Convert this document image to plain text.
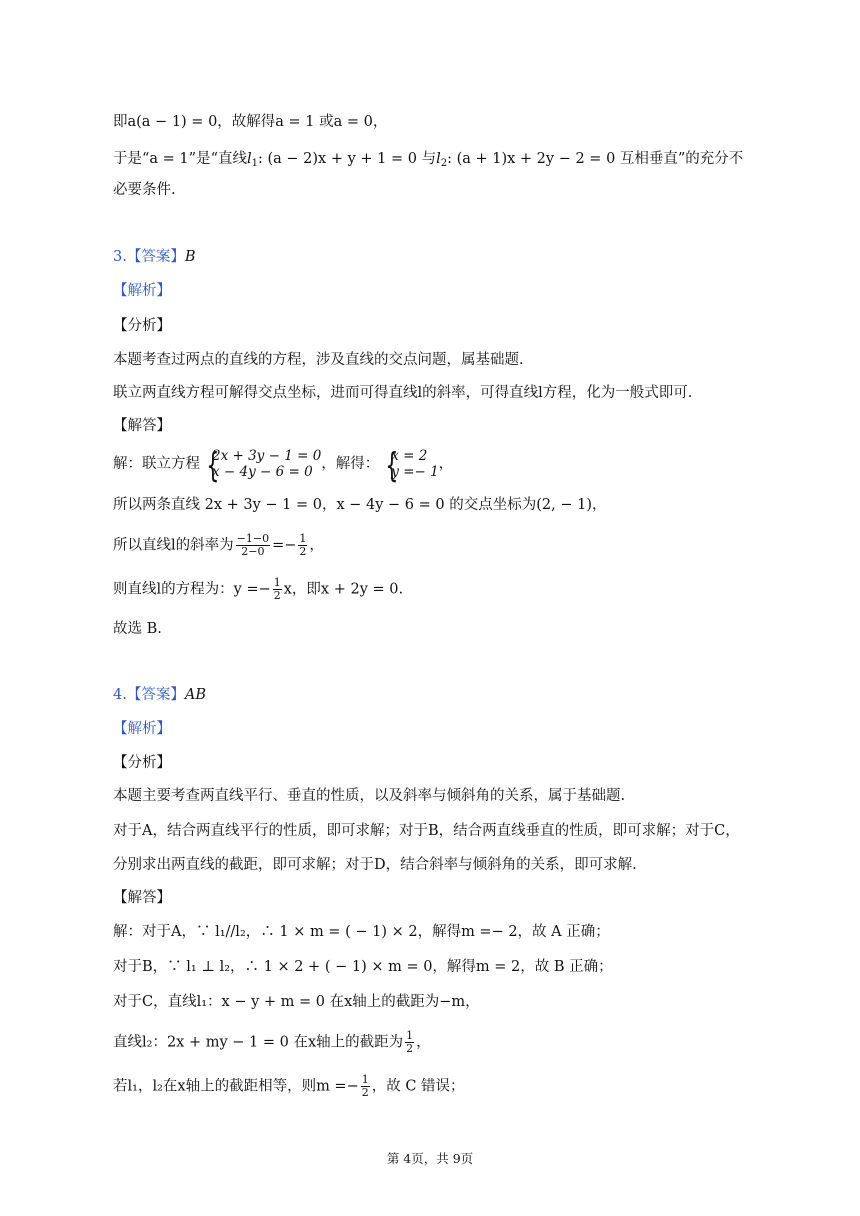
即a(a − 1) = 0，故解得a = 1 或a = 0，
于是“a = 1”是“直线$l_1$: (a − 2)x + y + 1 = 0 与$l_2$: (a + 1)x + 2y − 2 = 0 互相垂直”的充分不
必要条件.
3.【答案】B
【解析】
【分析】
本题考查过两点的直线的方程，涉及直线的交点问题，属基础题.
联立两直线方程可解得交点坐标，进而可得直线l的斜率，可得直线l方程，化为一般式即可.
【解答】
解：联立方程 {
2x + 3y − 1 = 0
x − 4y − 6 = 0 ，解得： {
x = 2
y =− 1 ，
所以两条直线 2x + 3y − 1 = 0，x − 4y − 6 = 0 的交点坐标为(2, − 1)，
所以直线l的斜率为 $\frac{-1-0}{2-0} =- \frac{1}{2}$ ，
则直线l的方程为：$y =- \frac{1}{2}$ x，即x + 2y = 0.
故选 B.
4.【答案】AB
【解析】
【分析】
本题主要考查两直线平行、垂直的性质，以及斜率与倾斜角的关系，属于基础题.
对于A，结合两直线平行的性质，即可求解；对于B，结合两直线垂直的性质，即可求解；对于C，
分别求出两直线的截距，即可求解；对于D，结合斜率与倾斜角的关系，即可求解.
【解答】
解：对于A，∵ l₁//l₂，∴ 1 × m = ( − 1) × 2，解得m =− 2，故 A 正确；
对于B，∵ l₁ ⊥ l₂，∴ 1 × 2 + ( − 1) × m = 0，解得m = 2，故 B 正确；
对于C，直线l₁：x − y + m = 0 在x轴上的截距为−m，
直线l₂：2x + my − 1 = 0 在x轴上的截距为 $\frac{1}{2}$ ，
若l₁，l₂在x轴上的截距相等，则$m =- \frac{1}{2}$ ，故 C 错误；
第 4页，共 9页
